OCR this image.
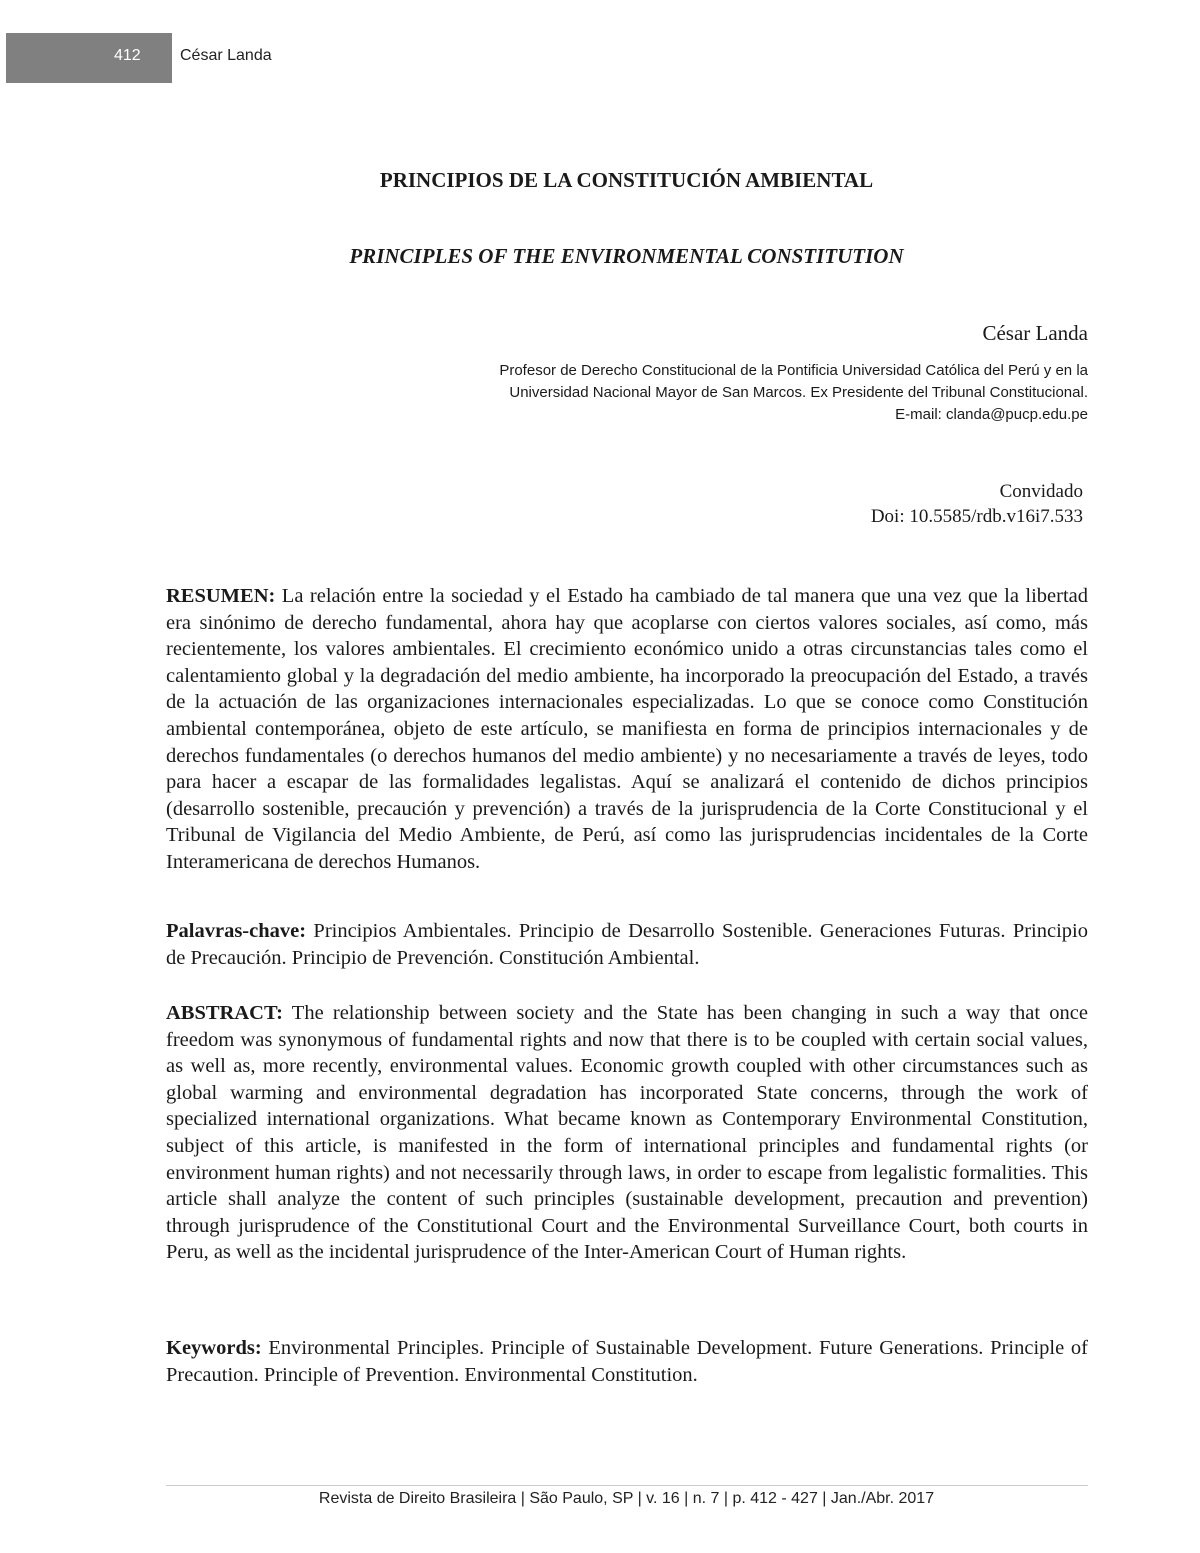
412 César Landa
PRINCIPIOS DE LA CONSTITUCIÓN AMBIENTAL
PRINCIPLES OF THE ENVIRONMENTAL CONSTITUTION
César Landa
Profesor de Derecho Constitucional de la Pontificia Universidad Católica del Perú y en la
Universidad Nacional Mayor de San Marcos. Ex Presidente del Tribunal Constitucional.
E-mail: clanda@pucp.edu.pe
Convidado
Doi: 10.5585/rdb.v16i7.533

RESUMEN: La relación entre la sociedad y el Estado ha cambiado de tal manera que una vez que la libertad era sinónimo de derecho fundamental, ahora hay que acoplarse con ciertos valores sociales, así como, más recientemente, los valores ambientales. El crecimiento económico unido a otras circunstancias tales como el calentamiento global y la degradación del medio ambiente, ha incorporado la preocupación del Estado, a través de la actuación de las organizaciones internacionales especializadas. Lo que se conoce como Constitución ambiental contemporánea, objeto de este artículo, se manifiesta en forma de principios internacionales y de derechos fundamentales (o derechos humanos del medio ambiente) y no necesariamente a través de leyes, todo para hacer a escapar de las formalidades legalistas. Aquí se analizará el contenido de dichos principios (desarrollo sostenible, precaución y prevención) a través de la jurisprudencia de la Corte Constitucional y el Tribunal de Vigilancia del Medio Ambiente, de Perú, así como las jurisprudencias incidentales de la Corte Interamericana de derechos Humanos.

Palavras-chave: Principios Ambientales. Principio de Desarrollo Sostenible. Generaciones Futuras. Principio de Precaución. Principio de Prevención. Constitución Ambiental.

ABSTRACT: The relationship between society and the State has been changing in such a way that once freedom was synonymous of fundamental rights and now that there is to be coupled with certain social values, as well as, more recently, environmental values. Economic growth coupled with other circumstances such as global warming and environmental degradation has incorporated State concerns, through the work of specialized international organizations. What became known as Contemporary Environmental Constitution, subject of this article, is manifested in the form of international principles and fundamental rights (or environment human rights) and not necessarily through laws, in order to escape from legalistic formalities. This article shall analyze the content of such principles (sustainable development, precaution and prevention) through jurisprudence of the Constitutional Court and the Environmental Surveillance Court, both courts in Peru, as well as the incidental jurisprudence of the Inter-American Court of Human rights.

Keywords: Environmental Principles. Principle of Sustainable Development. Future Generations. Principle of Precaution. Principle of Prevention. Environmental Constitution.

Revista de Direito Brasileira | São Paulo, SP | v. 16 | n. 7 | p. 412 - 427 | Jan./Abr. 2017
